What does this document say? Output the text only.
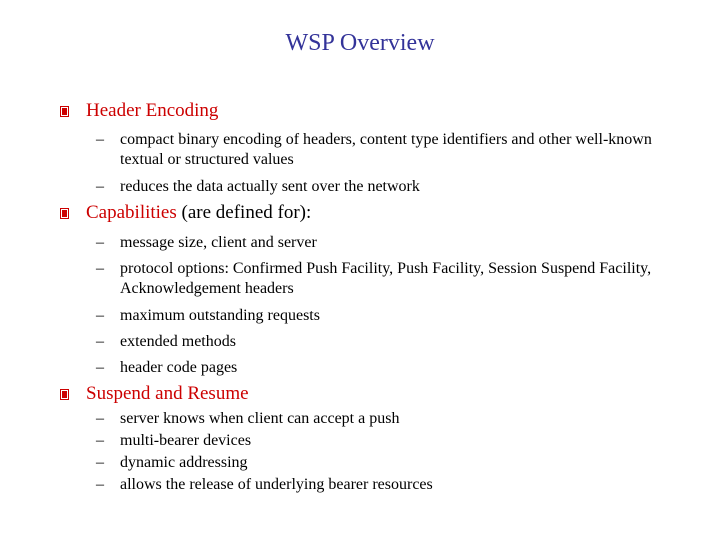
WSP Overview
Header Encoding
–	compact binary encoding of headers, content type identifiers and other well-known textual or structured values
–	reduces the data actually sent over the network
Capabilities (are defined for):
–	message size, client and server
–	protocol options: Confirmed Push Facility, Push Facility, Session Suspend Facility, Acknowledgement headers
–	maximum outstanding requests
–	extended methods
–	header code pages
Suspend and Resume
–	server knows when client can accept a push
–	multi-bearer devices
–	dynamic addressing
–	allows the release of underlying bearer resources
